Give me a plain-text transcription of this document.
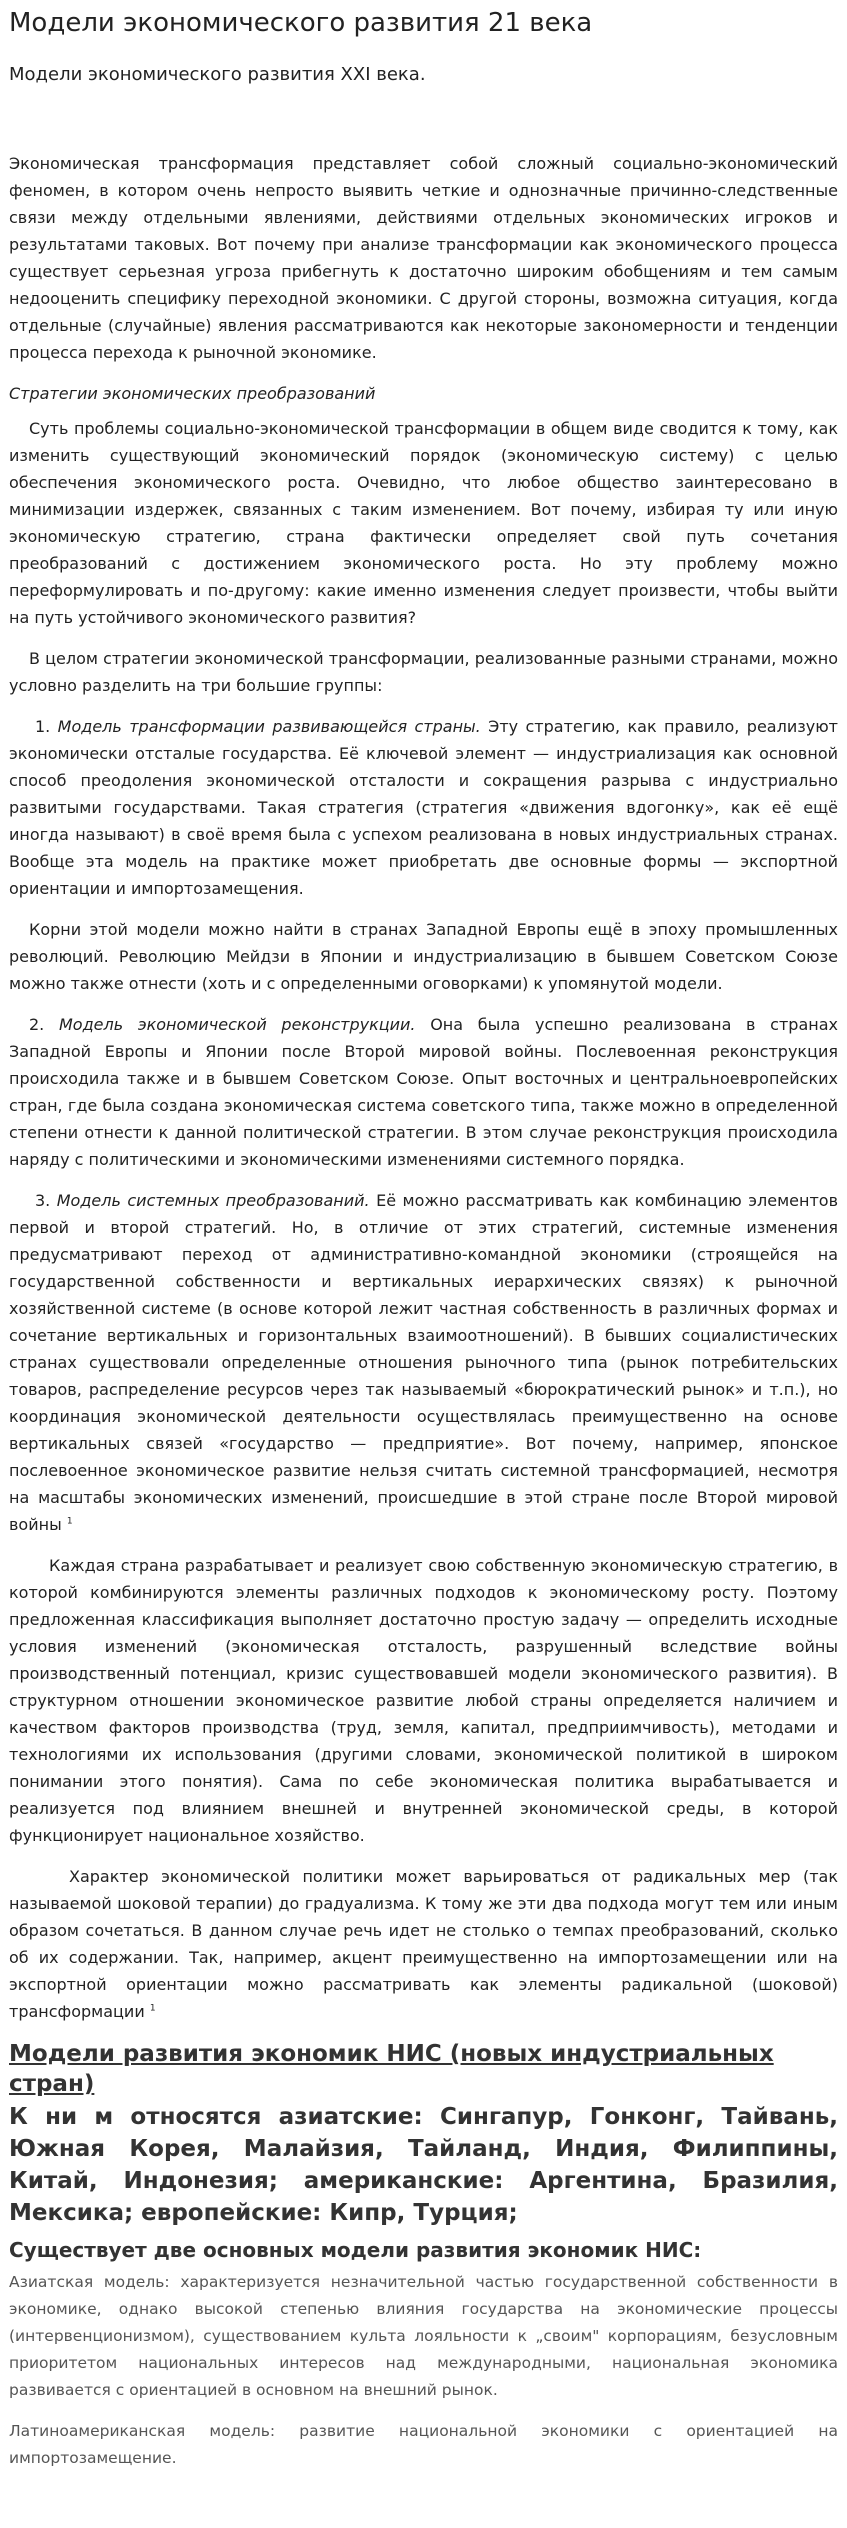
Модели экономического развития 21 века
Модели экономического развития XXI века.

Экономическая трансформация представляет собой сложный социально-экономический феномен, в котором очень непросто выявить четкие и однозначные причинно-следственные связи между отдельными явлениями, действиями отдельных экономических игроков и результатами таковых. Вот почему при анализе трансформации как экономического процесса существует серьезная угроза прибегнуть к достаточно широким обобщениям и тем самым недооценить специфику переходной экономики. С другой стороны, возможна ситуация, когда отдельные (случайные) явления рассматриваются как некоторые закономерности и тенденции процесса перехода к рыночной экономике.

Стратегии экономических преобразований

Суть проблемы социально-экономической трансформации в общем виде сводится к тому, как изменить существующий экономический порядок (экономическую систему) с целью обеспечения экономического роста. Очевидно, что любое общество заинтересовано в минимизации издержек, связанных с таким изменением. Вот почему, избирая ту или иную экономическую стратегию, страна фактически определяет свой путь сочетания преобразований с достижением экономического роста. Но эту проблему можно переформулировать и по-другому: какие именно изменения следует произвести, чтобы выйти на путь устойчивого экономического развития?

В целом стратегии экономической трансформации, реализованные разными странами, можно условно разделить на три большие группы:

1. Модель трансформации развивающейся страны. Эту стратегию, как правило, реализуют экономически отсталые государства. Её ключевой элемент — индустриализация как основной способ преодоления экономической отсталости и сокращения разрыва с индустриально развитыми государствами. Такая стратегия (стратегия «движения вдогонку», как её ещё иногда называют) в своё время была с успехом реализована в новых индустриальных странах. Вообще эта модель на практике может приобретать две основные формы — экспортной ориентации и импортозамещения.

Корни этой модели можно найти в странах Западной Европы ещё в эпоху промышленных революций. Революцию Мейдзи в Японии и индустриализацию в бывшем Советском Союзе можно также отнести (хоть и с определенными оговорками) к упомянутой модели.

2. Модель экономической реконструкции. Она была успешно реализована в странах Западной Европы и Японии после Второй мировой войны. Послевоенная реконструкция происходила также и в бывшем Советском Союзе. Опыт восточных и центральноевропейских стран, где была создана экономическая система советского типа, также можно в определенной степени отнести к данной политической стратегии. В этом случае реконструкция происходила наряду с политическими и экономическими изменениями системного порядка.

3. Модель системных преобразований. Её можно рассматривать как комбинацию элементов первой и второй стратегий. Но, в отличие от этих стратегий, системные изменения предусматривают переход от административно-командной экономики (строящейся на государственной собственности и вертикальных иерархических связях) к рыночной хозяйственной системе (в основе которой лежит частная собственность в различных формах и сочетание вертикальных и горизонтальных взаимоотношений). В бывших социалистических странах существовали определенные отношения рыночного типа (рынок потребительских товаров, распределение ресурсов через так называемый «бюрократический рынок» и т.п.), но координация экономической деятельности осуществлялась преимущественно на основе вертикальных связей «государство — предприятие». Вот почему, например, японское послевоенное экономическое развитие нельзя считать системной трансформацией, несмотря на масштабы экономических изменений, происшедшие в этой стране после Второй мировой войны $^1$

Каждая страна разрабатывает и реализует свою собственную экономическую стратегию, в которой комбинируются элементы различных подходов к экономическому росту. Поэтому предложенная классификация выполняет достаточно простую задачу — определить исходные условия изменений (экономическая отсталость, разрушенный вследствие войны производственный потенциал, кризис существовавшей модели экономического развития). В структурном отношении экономическое развитие любой страны определяется наличием и качеством факторов производства (труд, земля, капитал, предприимчивость), методами и технологиями их использования (другими словами, экономической политикой в широком понимании этого понятия). Сама по себе экономическая политика вырабатывается и реализуется под влиянием внешней и внутренней экономической среды, в которой функционирует национальное хозяйство.

Характер экономической политики может варьироваться от радикальных мер (так называемой шоковой терапии) до градуализма. К тому же эти два подхода могут тем или иным образом сочетаться. В данном случае речь идет не столько о темпах преобразований, сколько об их содержании. Так, например, акцент преимущественно на импортозамещении или на экспортной ориентации можно рассматривать как элементы радикальной (шоковой) трансформации $^1$

Модели развития экономик НИС (новых индустриальных стран)
К ни м относятся азиатские: Сингапур, Гонконг, Тайвань, Южная Корея, Малайзия, Тайланд, Индия, Филиппины, Китай, Индонезия; американские: Аргентина, Бразилия, Мексика; европейские: Кипр, Турция;
Существует две основных модели развития экономик НИС:

Азиатская модель: характеризуется незначительной частью государственной собственности в экономике, однако высокой степенью влияния государства на экономические процессы (интервенционизмом), существованием культа лояльности к „своим" корпорациям, безусловным приоритетом национальных интересов над международными, национальная экономика развивается с ориентацией в основном на внешний рынок.

Латиноамериканская модель: развитие национальной экономики с ориентацией на импортозамещение.
